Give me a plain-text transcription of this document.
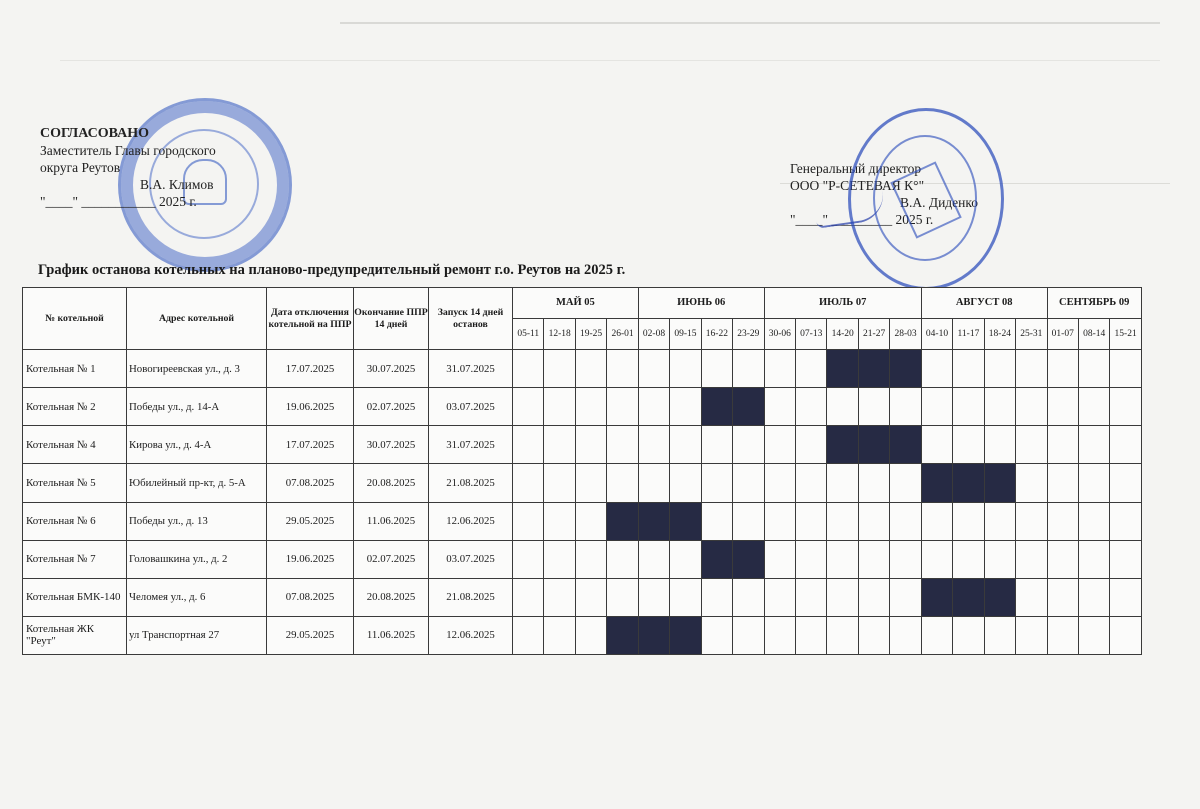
СОГЛАСОВАНО
Заместитель Главы городского
округа Реутов
В.А. Климов
"____" ___________ 2025 г.
Генеральный директор
ООО "Р-СЕТЕВАЯ К°"
В.А. Диденко
"____" _________ 2025 г.
График останова котельных на планово-предупредительный ремонт г.о. Реутов на 2025 г.
№ котельной	Адрес котельной	Дата отключения котельной на ППР	Окончание ППР 14 дней	Запуск 14 дней останов	МАЙ 05				ИЮНЬ 06				ИЮЛЬ 07					АВГУСТ 08				СЕНТЯБРЬ 09		
					05-11	12-18	19-25	26-01	02-08	09-15	16-22	23-29	30-06	07-13	14-20	21-27	28-03	04-10	11-17	18-24	25-31	01-07	08-14	15-21
Котельная № 1	Новогиреевская ул., д. 3	17.07.2025	30.07.2025	31.07.2025																				
Котельная № 2	Победы ул., д. 14-А	19.06.2025	02.07.2025	03.07.2025																				
Котельная № 4	Кирова ул., д. 4-А	17.07.2025	30.07.2025	31.07.2025																				
Котельная № 5	Юбилейный пр-кт, д. 5-А	07.08.2025	20.08.2025	21.08.2025																				
Котельная № 6	Победы ул., д. 13	29.05.2025	11.06.2025	12.06.2025																				
Котельная № 7	Головашкина ул., д. 2	19.06.2025	02.07.2025	03.07.2025																				
Котельная БМК-140	Челомея ул., д. 6	07.08.2025	20.08.2025	21.08.2025																				
Котельная ЖК "Реут"	ул Транспортная 27	29.05.2025	11.06.2025	12.06.2025																				
